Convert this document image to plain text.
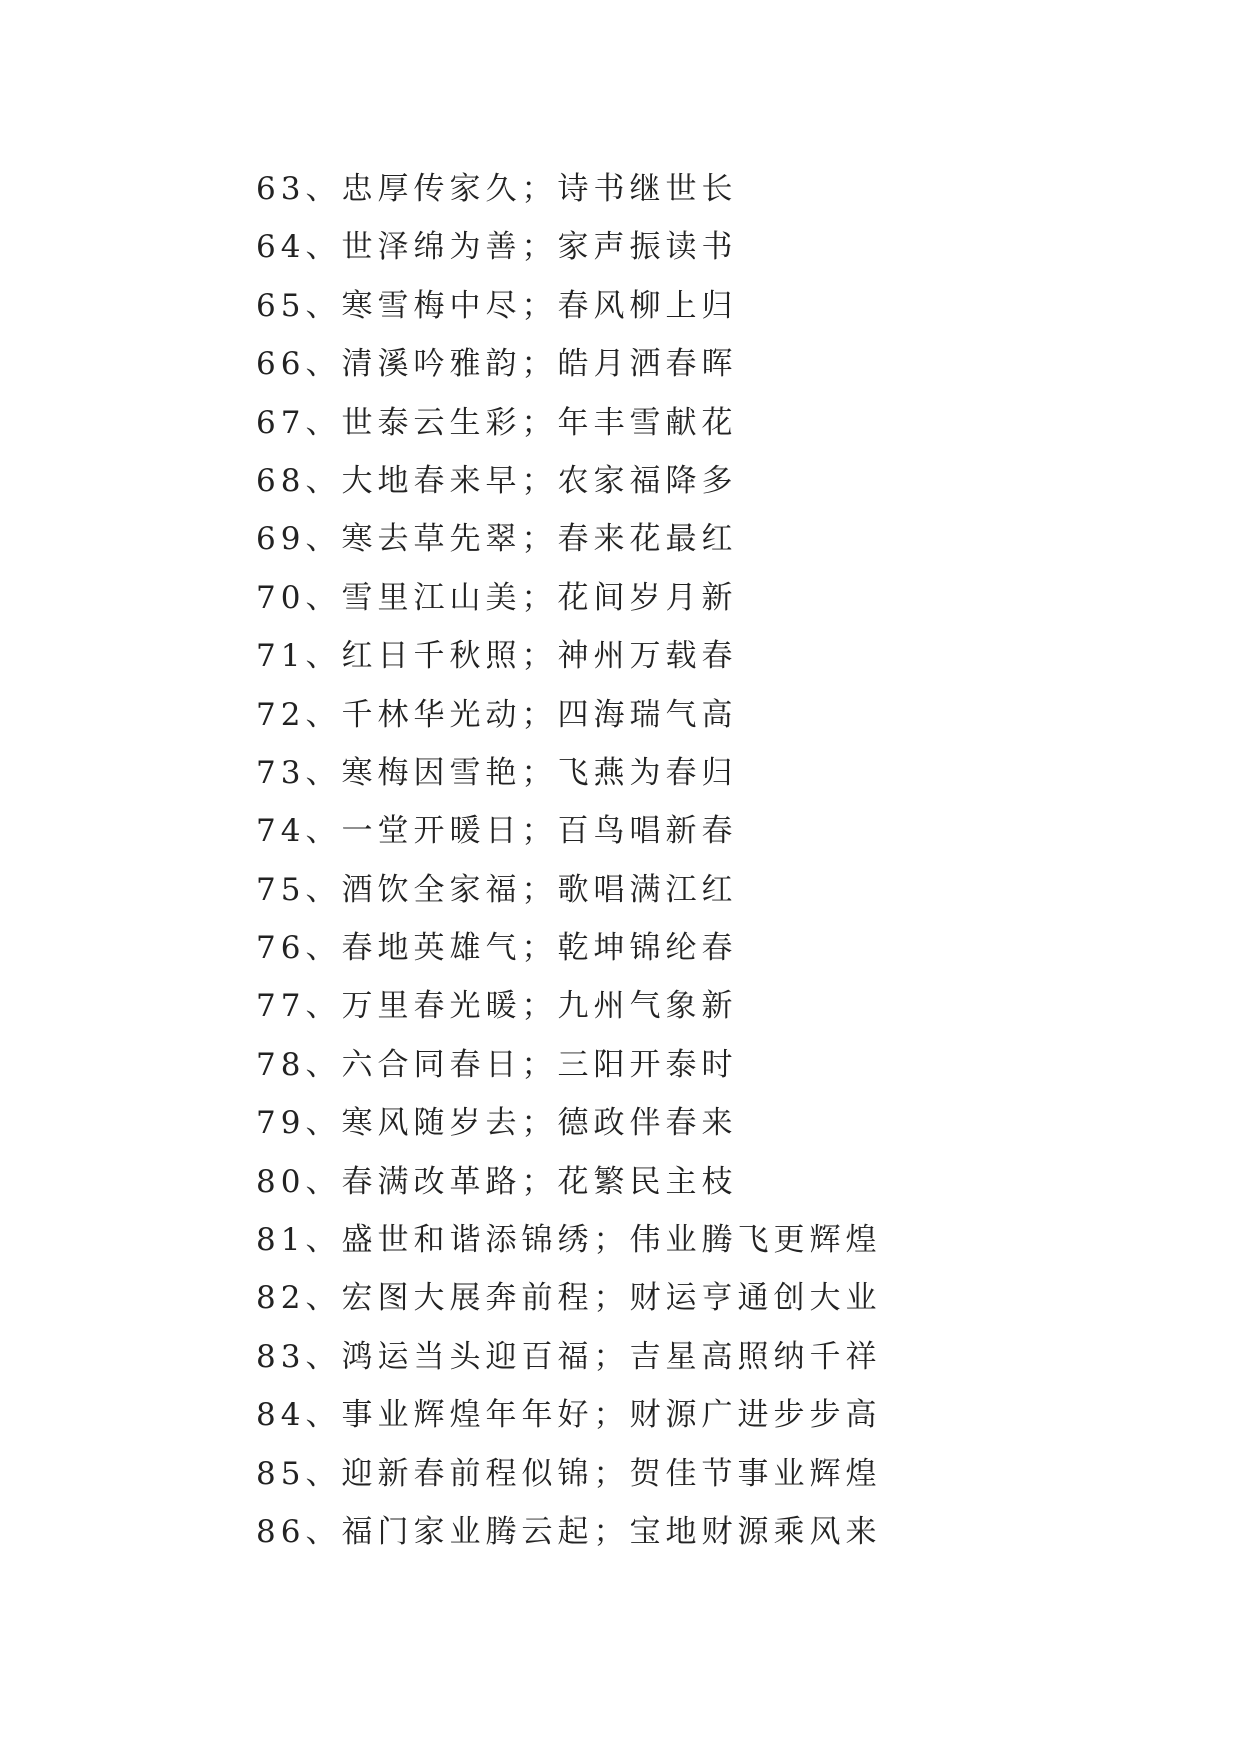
63、忠厚传家久；诗书继世长
64、世泽绵为善；家声振读书
65、寒雪梅中尽；春风柳上归
66、清溪吟雅韵；皓月洒春晖
67、世泰云生彩；年丰雪献花
68、大地春来早；农家福降多
69、寒去草先翠；春来花最红
70、雪里江山美；花间岁月新
71、红日千秋照；神州万载春
72、千林华光动；四海瑞气高
73、寒梅因雪艳；飞燕为春归
74、一堂开暖日；百鸟唱新春
75、酒饮全家福；歌唱满江红
76、春地英雄气；乾坤锦纶春
77、万里春光暖；九州气象新
78、六合同春日；三阳开泰时
79、寒风随岁去；德政伴春来
80、春满改革路；花繁民主枝
81、盛世和谐添锦绣；伟业腾飞更辉煌
82、宏图大展奔前程；财运亨通创大业
83、鸿运当头迎百福；吉星高照纳千祥
84、事业辉煌年年好；财源广进步步高
85、迎新春前程似锦；贺佳节事业辉煌
86、福门家业腾云起；宝地财源乘风来
